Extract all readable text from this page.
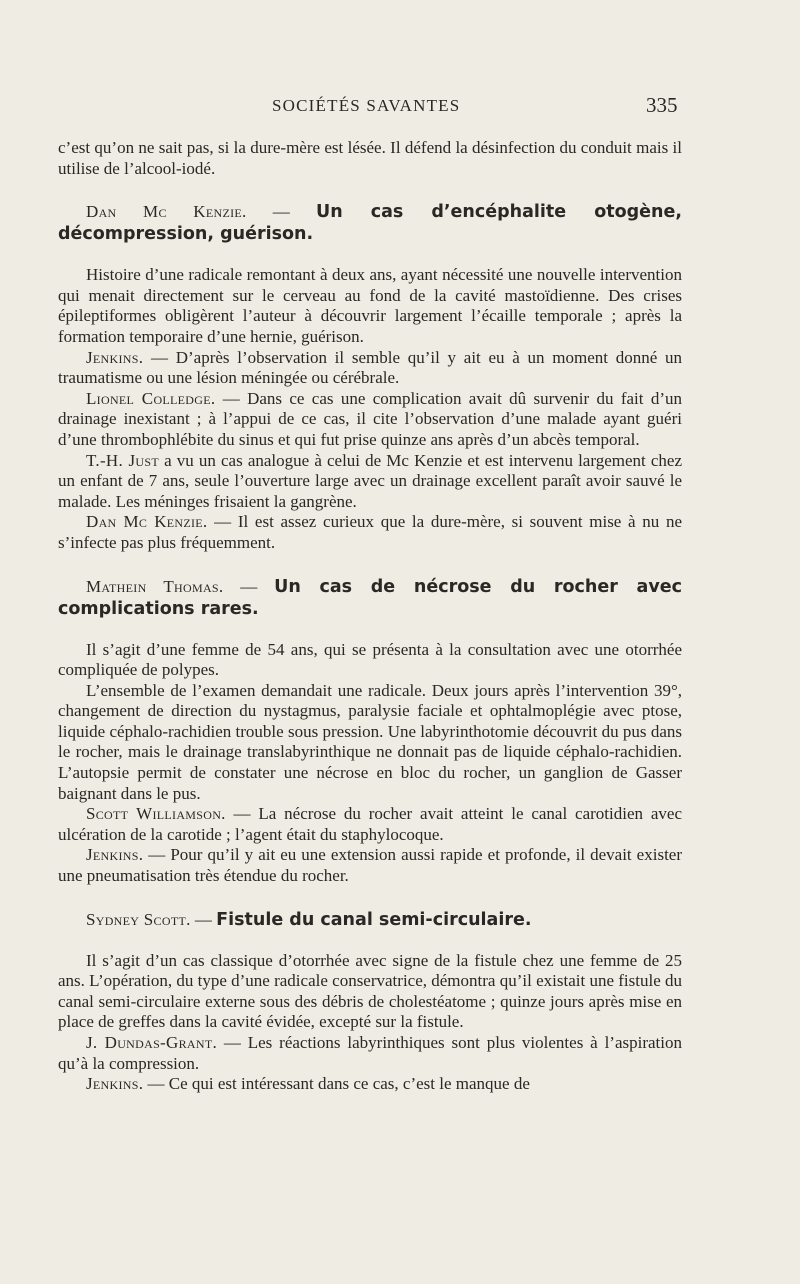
SOCIÉTÉS SAVANTES	335

c’est qu’on ne sait pas, si la dure-mère est lésée. Il défend la désinfection du conduit mais il utilise de l’alcool-iodé.

Dan Mc Kenzie. — Un cas d’encéphalite otogène, décompression, guérison.

Histoire d’une radicale remontant à deux ans, ayant nécessité une nouvelle intervention qui menait directement sur le cerveau au fond de la cavité mastoïdienne. Des crises épileptiformes obligèrent l’auteur à découvrir largement l’écaille temporale ; après la formation temporaire d’une hernie, guérison.

Jenkins. — D’après l’observation il semble qu’il y ait eu à un moment donné un traumatisme ou une lésion méningée ou cérébrale.

Lionel Colledge. — Dans ce cas une complication avait dû survenir du fait d’un drainage inexistant ; à l’appui de ce cas, il cite l’observation d’une malade ayant guéri d’une thrombophlébite du sinus et qui fut prise quinze ans après d’un abcès temporal.

T.-H. Just a vu un cas analogue à celui de Mc Kenzie et est intervenu largement chez un enfant de 7 ans, seule l’ouverture large avec un drainage excellent paraît avoir sauvé le malade. Les méninges frisaient la gangrène.

Dan Mc Kenzie. — Il est assez curieux que la dure-mère, si souvent mise à nu ne s’infecte pas plus fréquemment.

Mathein Thomas. — Un cas de nécrose du rocher avec complications rares.

Il s’agit d’une femme de 54 ans, qui se présenta à la consultation avec une otorrhée compliquée de polypes.

L’ensemble de l’examen demandait une radicale. Deux jours après l’intervention 39°, changement de direction du nystagmus, paralysie faciale et ophtalmoplégie avec ptose, liquide céphalo-rachidien trouble sous pression. Une labyrinthotomie découvrit du pus dans le rocher, mais le drainage translabyrinthique ne donnait pas de liquide céphalo-rachidien. L’autopsie permit de constater une nécrose en bloc du rocher, un ganglion de Gasser baignant dans le pus.

Scott Williamson. — La nécrose du rocher avait atteint le canal carotidien avec ulcération de la carotide ; l’agent était du staphylocoque.

Jenkins. — Pour qu’il y ait eu une extension aussi rapide et profonde, il devait exister une pneumatisation très étendue du rocher.

Sydney Scott. — Fistule du canal semi-circulaire.

Il s’agit d’un cas classique d’otorrhée avec signe de la fistule chez une femme de 25 ans. L’opération, du type d’une radicale conservatrice, démontra qu’il existait une fistule du canal semi-circulaire externe sous des débris de cholestéatome ; quinze jours après mise en place de greffes dans la cavité évidée, excepté sur la fistule.

J. Dundas-Grant. — Les réactions labyrinthiques sont plus violentes à l’aspiration qu’à la compression.

Jenkins. — Ce qui est intéressant dans ce cas, c’est le manque de
